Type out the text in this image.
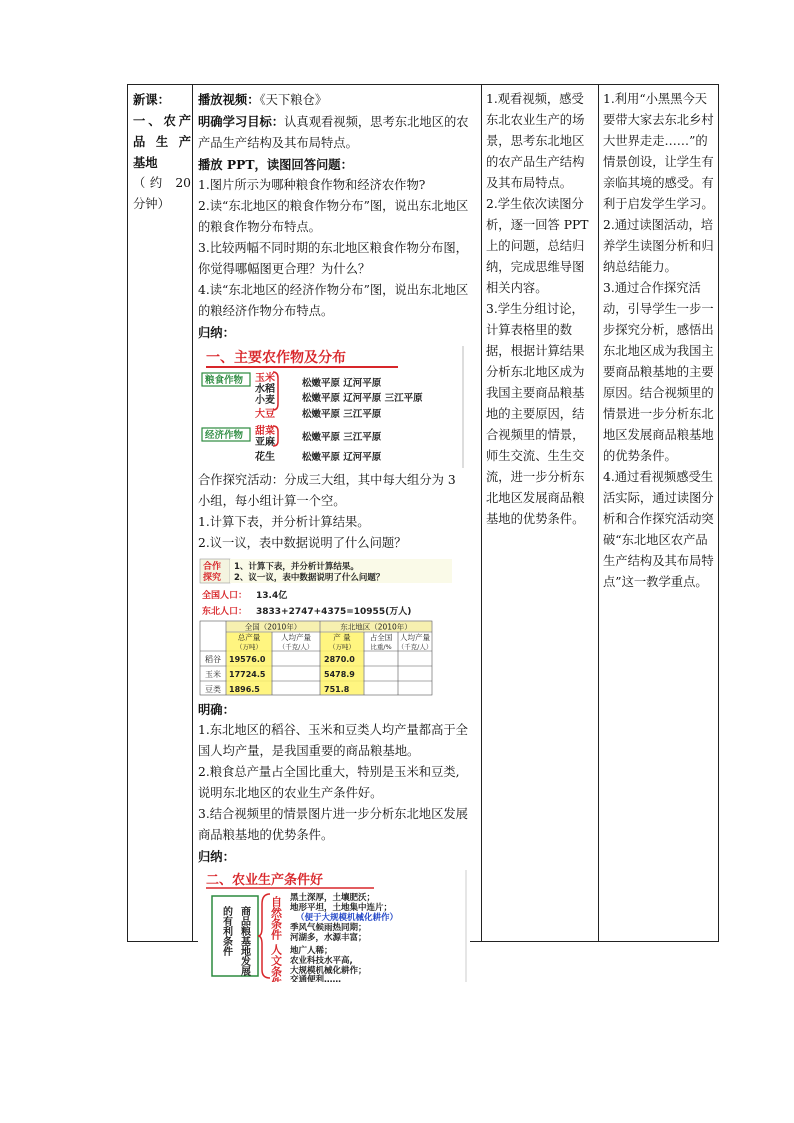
新课：

一、农产

品 生 产

基地

（约 20

分钟）

播放视频：《天下粮仓》

明确学习目标：认真观看视频，思考东北地区的农产品生产结构及其布局特点。

播放 PPT，读图回答问题：

1.图片所示为哪种粮食作物和经济农作物?

2.读“东北地区的粮食作物分布”图，说出东北地区的粮食作物分布特点。

3.比较两幅不同时期的东北地区粮食作物分布图，你觉得哪幅图更合理？为什么？

4.读“东北地区的经济作物分布”图，说出东北地区的粮经济作物分布特点。

归纳：

一、主要农作物及分布
粮食作物 玉米
水稻
小麦
大豆
松嫩平原 辽河平原
松嫩平原 辽河平原 三江平原
松嫩平原 三江平原
经济作物 甜菜
亚麻
花生
松嫩平原 三江平原
松嫩平原 辽河平原

合作探究活动：分成三大组，其中每大组分为 3 小组，每小组计算一个空。

1.计算下表，并分析计算结果。

2.议一议，表中数据说明了什么问题？

合作
探究
1、计算下表，并分析计算结果。
2、议一议，表中数据说明了什么问题？
全国人口： 13.4亿
东北人口： 3833+2747+4375=10955(万人)
全国（2010年）	东北地区（2010年）
总产量
（万吨）
人均产量
（千克/人）
产 量
（万吨）
占全国
比重/%
人均产量
（千克/人）
稻谷
玉米
豆类
19576.0
17724.5
1896.5
2870.0
5478.9
751.8

明确：

1.东北地区的稻谷、玉米和豆类人均产量都高于全国人均产量，是我国重要的商品粮基地。

2.粮食总产量占全国比重大，特别是玉米和豆类,说明东北地区的农业生产条件好。

3.结合视频里的情景图片进一步分析东北地区发展商品粮基地的优势条件。

归纳：

二、农业生产条件好
商品粮基地发展
的有利条件	自然条件
人文条件
黑土深厚，土壤肥沃；
地形平坦，土地集中连片；
（便于大规模机械化耕作）
季风气候雨热同期；
河湖多，水源丰富；
地广人稀；
农业科技水平高,
大规模机械化耕作；
交通便利……

1.观看视频，感受东北农业生产的场景，思考东北地区的农产品生产结构及其布局特点。

2.学生依次读图分析，逐一回答 PPT 上的问题，总结归纳，完成思维导图相关内容。

3.学生分组讨论，计算表格里的数据，根据计算结果分析东北地区成为我国主要商品粮基地的主要原因，结合视频里的情景，师生交流、生生交流，进一步分析东北地区发展商品粮基地的优势条件。

1.利用“小黑黑今天要带大家去东北乡村大世界走走……”的情景创设，让学生有亲临其境的感受。有利于启发学生学习。

2.通过读图活动，培养学生读图分析和归纳总结能力。

3.通过合作探究活动，引导学生一步一步探究分析，感悟出东北地区成为我国主要商品粮基地的主要原因。结合视频里的情景进一步分析东北地区发展商品粮基地的优势条件。

4.通过看视频感受生活实际，通过读图分析和合作探究活动突破“东北地区农产品生产结构及其布局特点”这一教学重点。
